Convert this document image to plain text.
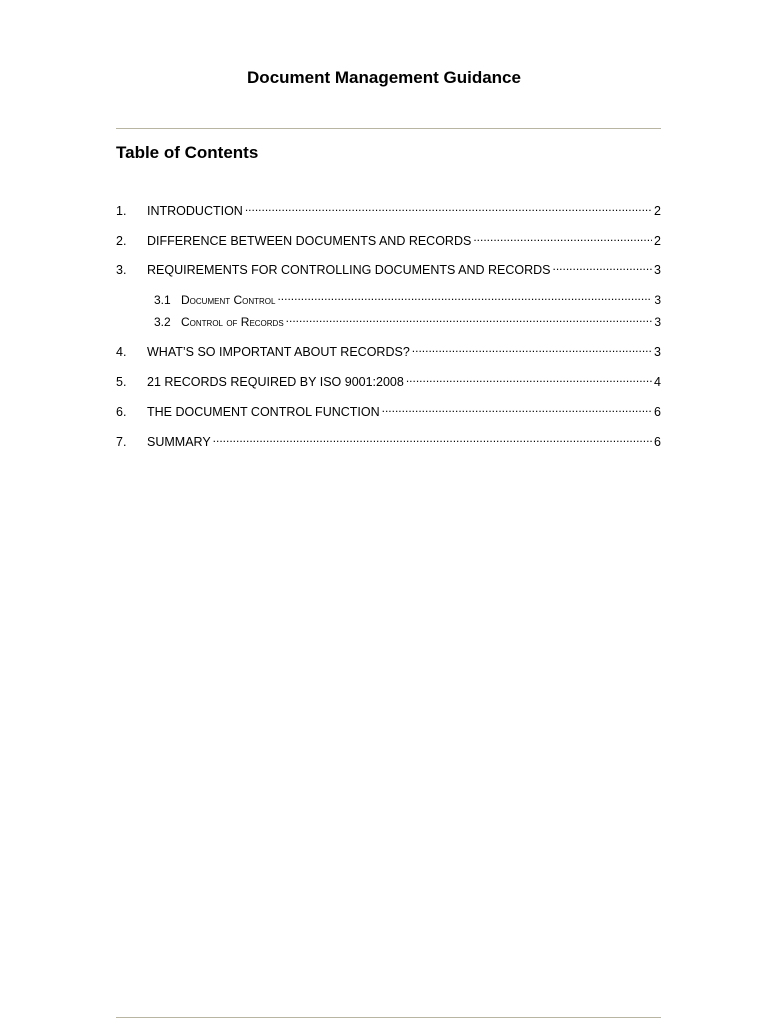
Document Management Guidance
Table of Contents
1.	INTRODUCTION .....	2
2.	DIFFERENCE BETWEEN DOCUMENTS AND RECORDS .....	2
3.	REQUIREMENTS FOR CONTROLLING DOCUMENTS AND RECORDS .....	3
3.1 Document Control .....	3
3.2 Control of Records .....	3
4.	WHAT’S SO IMPORTANT ABOUT RECORDS? .....	3
5.	21 RECORDS REQUIRED BY ISO 9001:2008 .....	4
6.	THE DOCUMENT CONTROL FUNCTION .....	6
7.	SUMMARY .....	6
